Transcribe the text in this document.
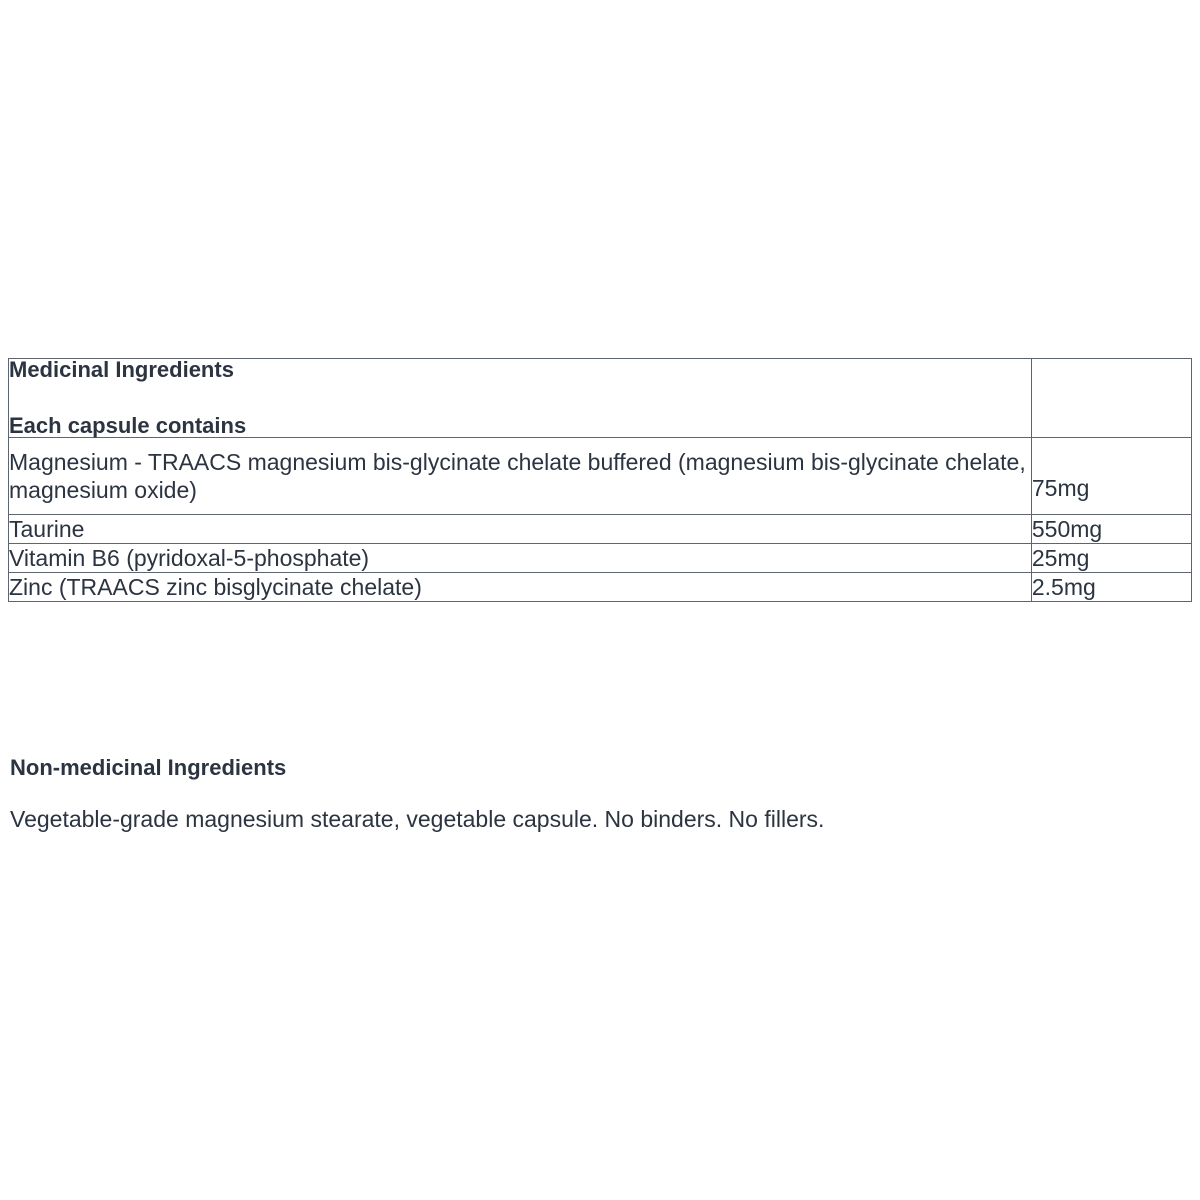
Medicinal Ingredients
Each capsule contains	

Magnesium - TRAACS magnesium bis-glycinate chelate buffered (magnesium bis-glycinate chelate, magnesium oxide)	75mg
Taurine	550mg
Vitamin B6 (pyridoxal-5-phosphate)	25mg
Zinc (TRAACS zinc bisglycinate chelate)	2.5mg
Non-medicinal Ingredients
Vegetable-grade magnesium stearate, vegetable capsule. No binders. No fillers.
